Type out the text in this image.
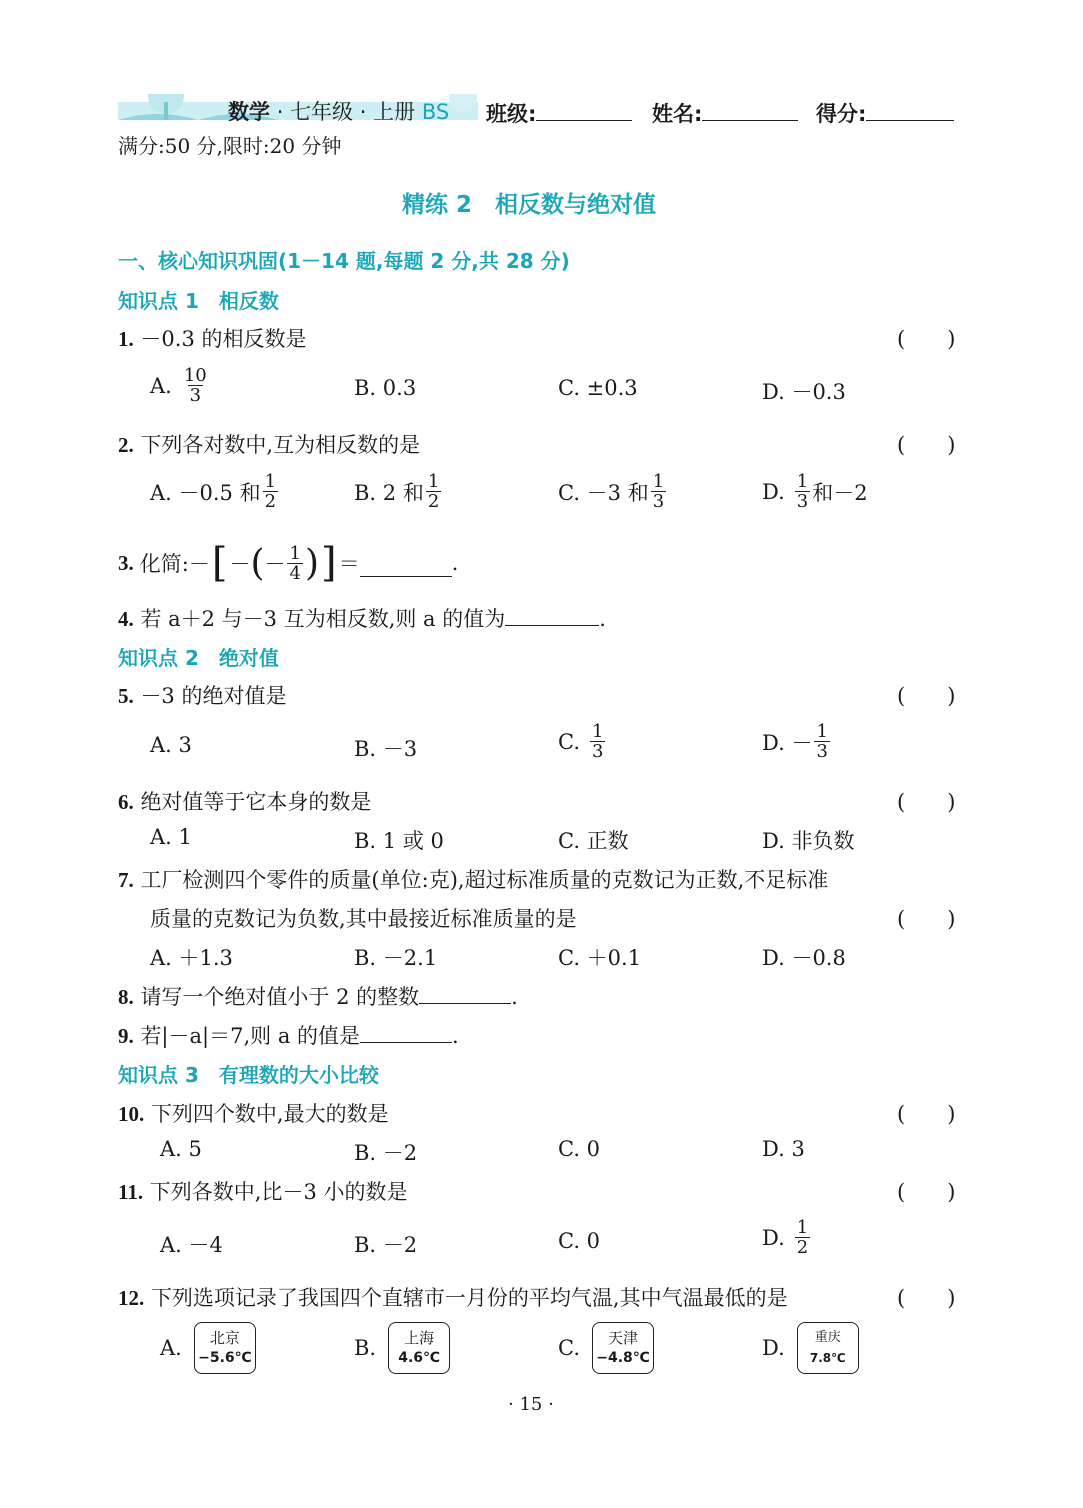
数学 · 七年级 · 上册 BS 班级:	姓名:	得分:
满分:50 分,限时:20 分钟
精练 2　相反数与绝对值
一、核心知识巩固(1－14 题,每题 2 分,共 28 分)
知识点 1　相反数
1. －0.3 的相反数是	(　　)
A. $\frac{10}{3}$	B. 0.3	C. ±0.3	D. －0.3
2. 下列各对数中,互为相反数的是	(　　)
A. －0.5 和 $\frac{1}{2}$	B. 2 和 $\frac{1}{2}$	C. －3 和 $\frac{1}{3}$	D. $\frac{1}{3}$ 和－2
3. 化简:－ [ － ( － $\frac{1}{4}$ ) ] ＝	.
4. 若 a＋2 与－3 互为相反数,则 a 的值为	.
知识点 2　绝对值
5. －3 的绝对值是	(　　)
A. 3	B. －3	C. $\frac{1}{3}$	D. － $\frac{1}{3}$
6. 绝对值等于它本身的数是	(　　)
A. 1	B. 1 或 0	C. 正数	D. 非负数
7. 工厂检测四个零件的质量(单位:克),超过标准质量的克数记为正数,不足标准
质量的克数记为负数,其中最接近标准质量的是	(　　)
A. ＋1.3	B. －2.1	C. ＋0.1	D. －0.8
8. 请写一个绝对值小于 2 的整数	.
9. 若|－a|＝7,则 a 的值是	.
知识点 3　有理数的大小比较
10. 下列四个数中,最大的数是	(　　)
A. 5	B. －2	C. 0	D. 3
11. 下列各数中,比－3 小的数是	(　　)
A. －4	B. －2	C. 0	D. $\frac{1}{2}$
12. 下列选项记录了我国四个直辖市一月份的平均气温,其中气温最低的是	(　　)
A. 北京
−5.6℃	B. 上海
4.6℃	C. 天津
−4.8℃	D. 重庆
7.8℃
· 15 ·
